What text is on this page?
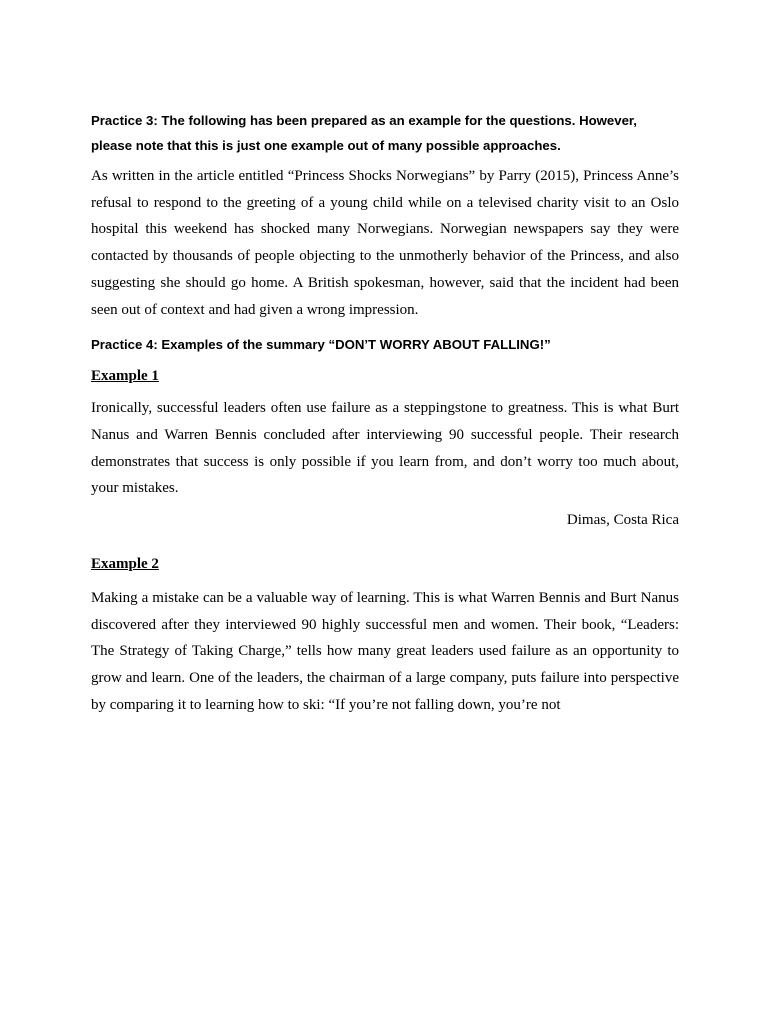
Practice 3: The following has been prepared as an example for the questions. However, please note that this is just one example out of many possible approaches.

As written in the article entitled “Princess Shocks Norwegians” by Parry (2015), Princess Anne’s refusal to respond to the greeting of a young child while on a televised charity visit to an Oslo hospital this weekend has shocked many Norwegians. Norwegian newspapers say they were contacted by thousands of people objecting to the unmotherly behavior of the Princess, and also suggesting she should go home. A British spokesman, however, said that the incident had been seen out of context and had given a wrong impression.

Practice 4: Examples of the summary “DON’T WORRY ABOUT FALLING!”

Example 1

Ironically, successful leaders often use failure as a steppingstone to greatness. This is what Burt Nanus and Warren Bennis concluded after interviewing 90 successful people. Their research demonstrates that success is only possible if you learn from, and don’t worry too much about, your mistakes.

Dimas, Costa Rica

Example 2

Making a mistake can be a valuable way of learning. This is what Warren Bennis and Burt Nanus discovered after they interviewed 90 highly successful men and women. Their book, “Leaders: The Strategy of Taking Charge,” tells how many great leaders used failure as an opportunity to grow and learn. One of the leaders, the chairman of a large company, puts failure into perspective by comparing it to learning how to ski: “If you’re not falling down, you’re not
